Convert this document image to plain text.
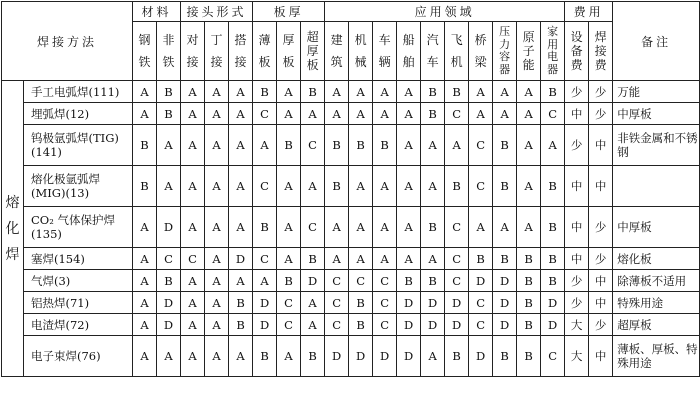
焊接方法		材料		接头形式			板厚			应用领域										费用		备注
		钢铁	非铁	对接	丁接	搭接	薄板	厚板	超厚板	建筑	机械	车辆	船舶	汽车	飞机	桥梁	压力容器	原子能	家用电器	设备费	焊接费	
熔化焊	手工电弧焊(111)	A	B	A	A	A	B	A	B	A	A	A	A	B	B	A	A	A	B	少	少	万能
	埋弧焊(12)	A	B	A	A	A	C	A	A	A	A	A	A	B	C	A	A	A	C	中	少	中厚板
	钨极氩弧焊(TIG)(141)	B	A	A	A	A	A	B	C	B	B	B	A	A	A	C	B	A	A	少	中	非铁金属和不锈钢
	熔化极氩弧焊(MIG)(13)	B	A	A	A	A	C	A	A	B	A	A	A	A	B	C	B	A	B	中	中	
	CO₂ 气体保护焊(135)	A	D	A	A	A	B	A	C	A	A	A	A	B	C	A	A	A	B	中	少	中厚板
	塞焊(154)	A	C	C	A	D	C	A	B	A	A	A	A	A	C	B	B	B	B	中	少	熔化板
	气焊(3)	A	B	A	A	A	A	B	D	C	C	C	B	B	C	D	D	B	B	少	中	除薄板不适用
	铝热焊(71)	A	D	A	A	B	D	C	A	C	B	C	D	D	D	C	D	B	D	少	中	特殊用途
	电渣焊(72)	A	D	A	A	B	D	C	A	C	B	C	D	D	D	C	D	B	D	大	少	超厚板
	电子束焊(76)	A	A	A	A	A	B	A	B	D	D	D	D	A	B	D	B	B	C	大	中	薄板、厚板、特殊用途
